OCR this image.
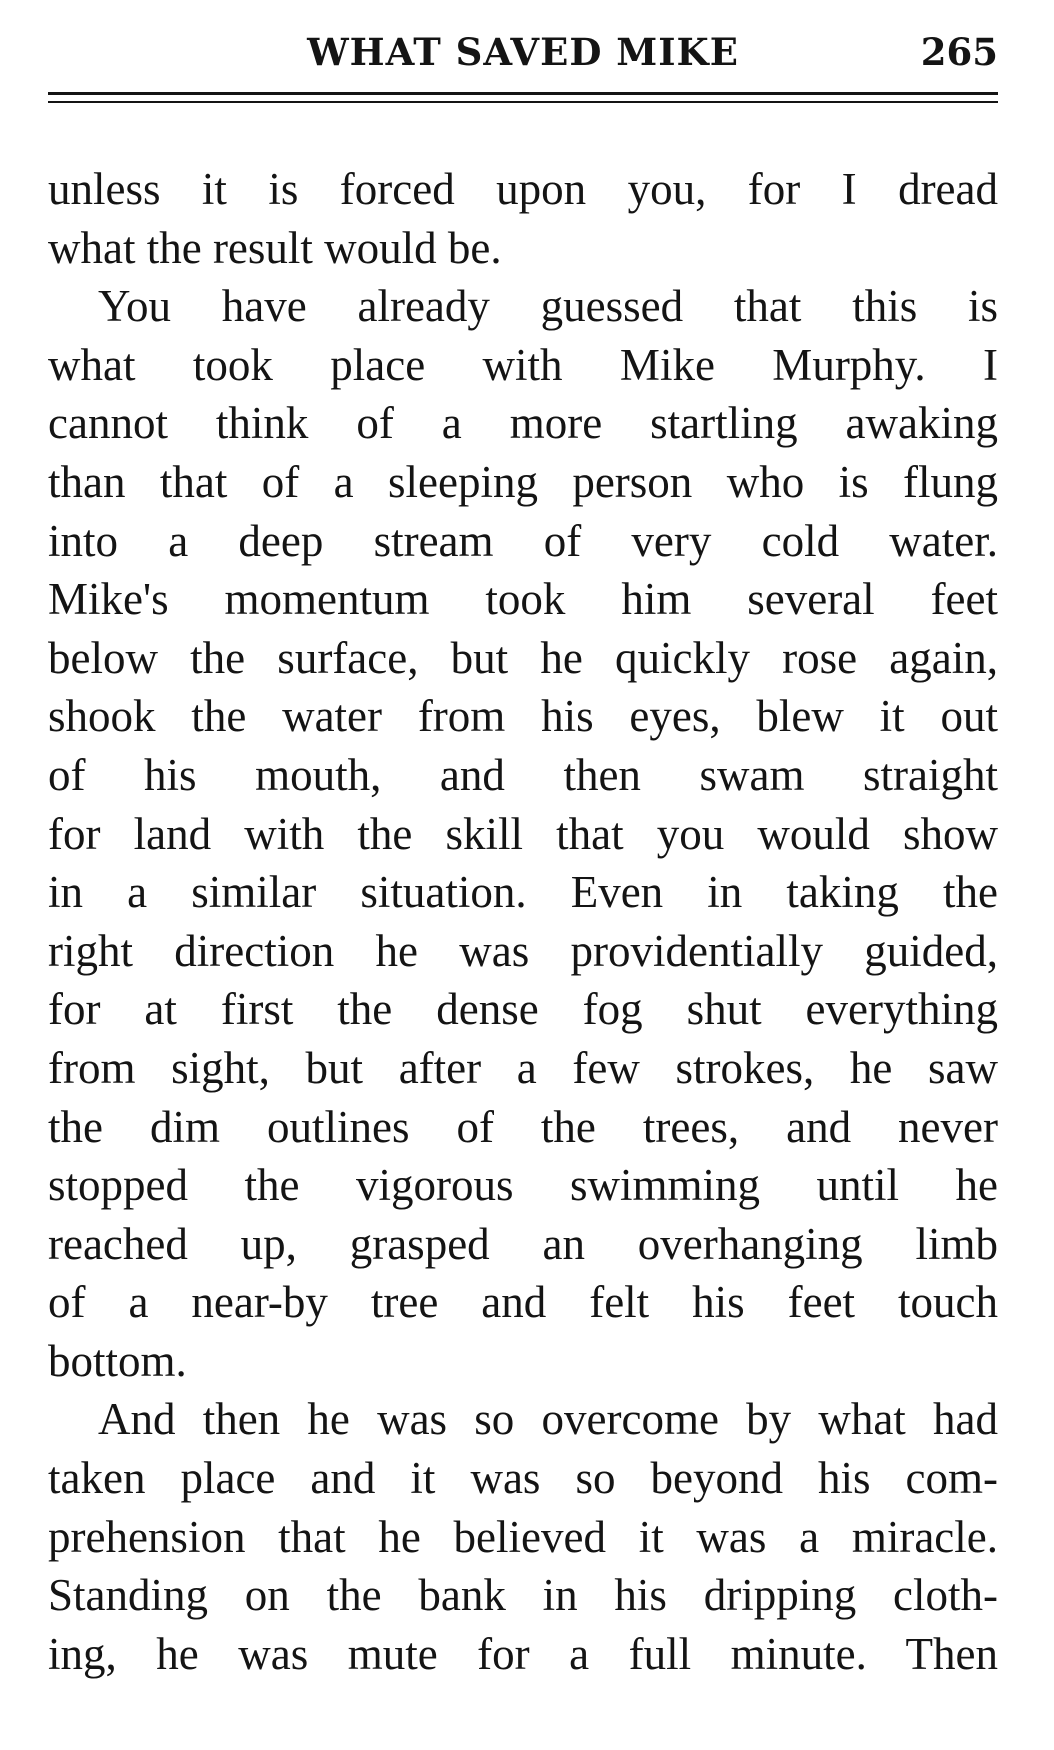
WHAT SAVED MIKE	265
unless it is forced upon you, for I dread
what the result would be.
You have already guessed that this is
what took place with Mike Murphy. I
cannot think of a more startling awaking
than that of a sleeping person who is flung
into a deep stream of very cold water.
Mike's momentum took him several feet
below the surface, but he quickly rose again,
shook the water from his eyes, blew it out
of his mouth, and then swam straight
for land with the skill that you would show
in a similar situation. Even in taking the
right direction he was providentially guided,
for at first the dense fog shut everything
from sight, but after a few strokes, he saw
the dim outlines of the trees, and never
stopped the vigorous swimming until he
reached up, grasped an overhanging limb
of a near-by tree and felt his feet touch
bottom.
And then he was so overcome by what had
taken place and it was so beyond his com-
prehension that he believed it was a miracle.
Standing on the bank in his dripping cloth-
ing, he was mute for a full minute. Then
